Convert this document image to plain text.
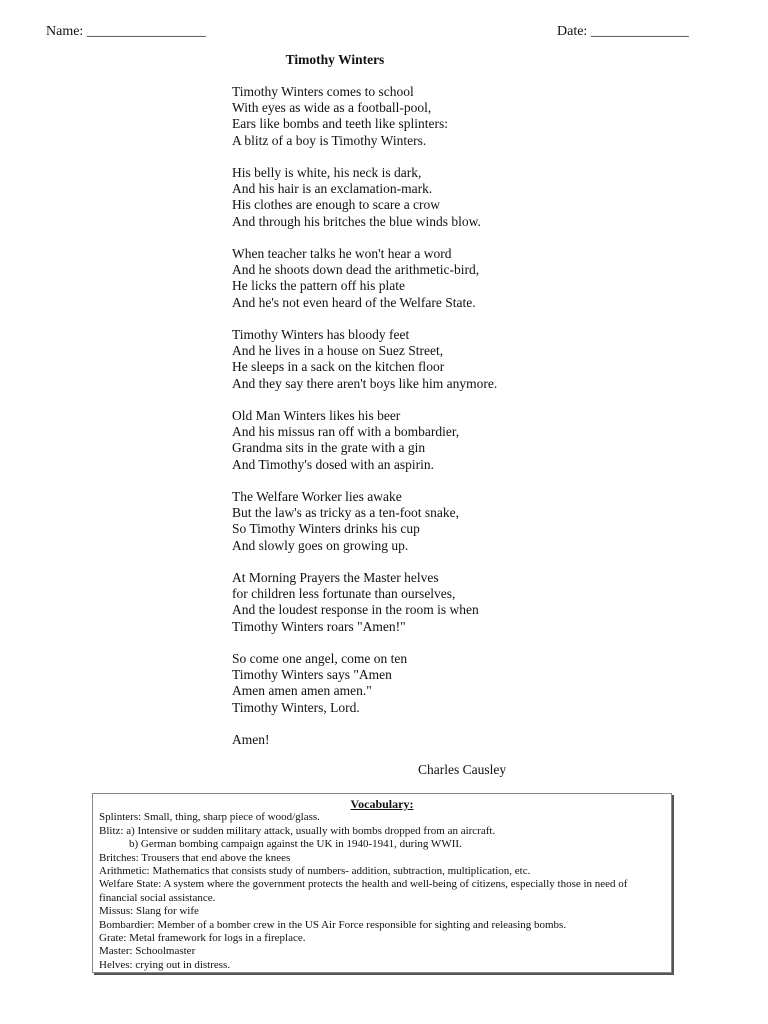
Name: _________________	Date: ______________
Timothy Winters
Timothy Winters comes to school
With eyes as wide as a football-pool,
Ears like bombs and teeth like splinters:
A blitz of a boy is Timothy Winters.
His belly is white, his neck is dark,
And his hair is an exclamation-mark.
His clothes are enough to scare a crow
And through his britches the blue winds blow.
When teacher talks he won't hear a word
And he shoots down dead the arithmetic-bird,
He licks the pattern off his plate
And he's not even heard of the Welfare State.
Timothy Winters has bloody feet
And he lives in a house on Suez Street,
He sleeps in a sack on the kitchen floor
And they say there aren't boys like him anymore.
Old Man Winters likes his beer
And his missus ran off with a bombardier,
Grandma sits in the grate with a gin
And Timothy's dosed with an aspirin.
The Welfare Worker lies awake
But the law's as tricky as a ten-foot snake,
So Timothy Winters drinks his cup
And slowly goes on growing up.
At Morning Prayers the Master helves
for children less fortunate than ourselves,
And the loudest response in the room is when
Timothy Winters roars "Amen!"
So come one angel, come on ten
Timothy Winters says "Amen
Amen amen amen amen."
Timothy Winters, Lord.
Amen!
Charles Causley
Vocabulary:
Splinters: Small, thing, sharp piece of wood/glass.
Blitz: a) Intensive or sudden military attack, usually with bombs dropped from an aircraft.
b) German bombing campaign against the UK in 1940-1941, during WWII.
Britches: Trousers that end above the knees
Arithmetic: Mathematics that consists study of numbers- addition, subtraction, multiplication, etc.
Welfare State: A system where the government protects the health and well-being of citizens, especially those in need of financial social assistance.
Missus: Slang for wife
Bombardier: Member of a bomber crew in the US Air Force responsible for sighting and releasing bombs.
Grate: Metal framework for logs in a fireplace.
Master: Schoolmaster
Helves: crying out in distress.
